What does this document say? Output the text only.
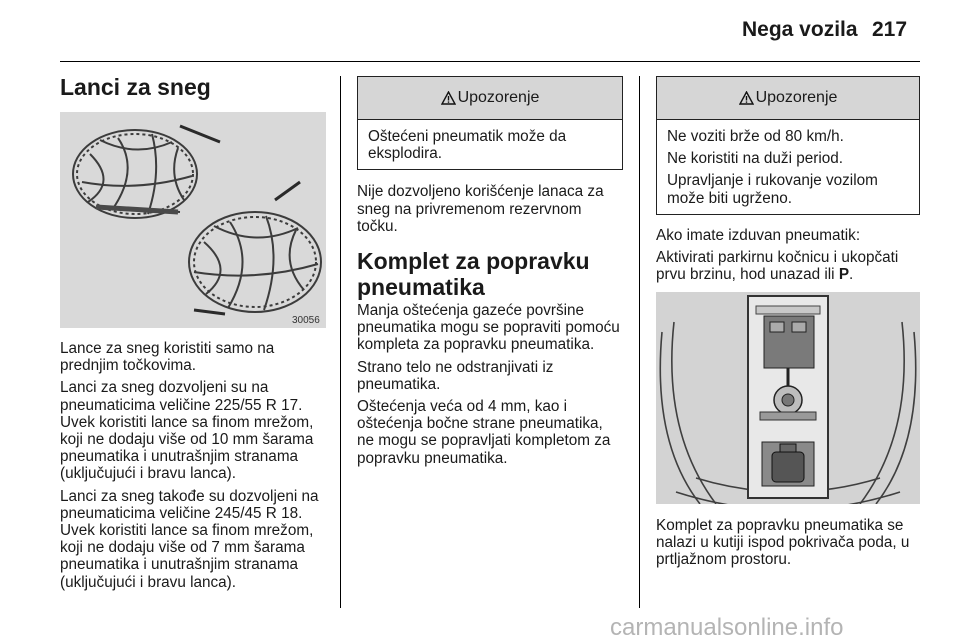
Nega vozila 217
Lanci za sneg
30056

Lance za sneg koristiti samo na prednjim točkovima.

Lanci za sneg dozvoljeni su na pneumaticima veličine 225/55 R 17. Uvek koristiti lance sa finom mrežom, koji ne dodaju više od 10 mm šarama pneumatika i unutrašnjim stranama (uključujući i bravu lanca).

Lanci za sneg takođe su dozvoljeni na pneumaticima veličine 245/45 R 18. Uvek koristiti lance sa finom mrežom, koji ne dodaju više od 7 mm šarama pneumatika i unutrašnjim stranama (uključujući i bravu lanca).

Upozorenje

Oštećeni pneumatik može da eksplodira.

Nije dozvoljeno korišćenje lanaca za sneg na privremenom rezervnom točku.

Komplet za popravku pneumatika

Manja oštećenja gazeće površine pneumatika mogu se popraviti pomoću kompleta za popravku pneumatika.

Strano telo ne odstranjivati iz pneumatika.

Oštećenja veća od 4 mm, kao i oštećenja bočne strane pneumatika, ne mogu se popravljati kompletom za popravku pneumatika.

Upozorenje

Ne voziti brže od 80 km/h.

Ne koristiti na duži period.

Upravljanje i rukovanje vozilom može biti ugrženo.

Ako imate izduvan pneumatik:

Aktivirati parkirnu kočnicu i ukopčati prvu brzinu, hod unazad ili P.

Komplet za popravku pneumatika se nalazi u kutiji ispod pokrivača poda, u prtljažnom prostoru.

carmanualsonline.info
